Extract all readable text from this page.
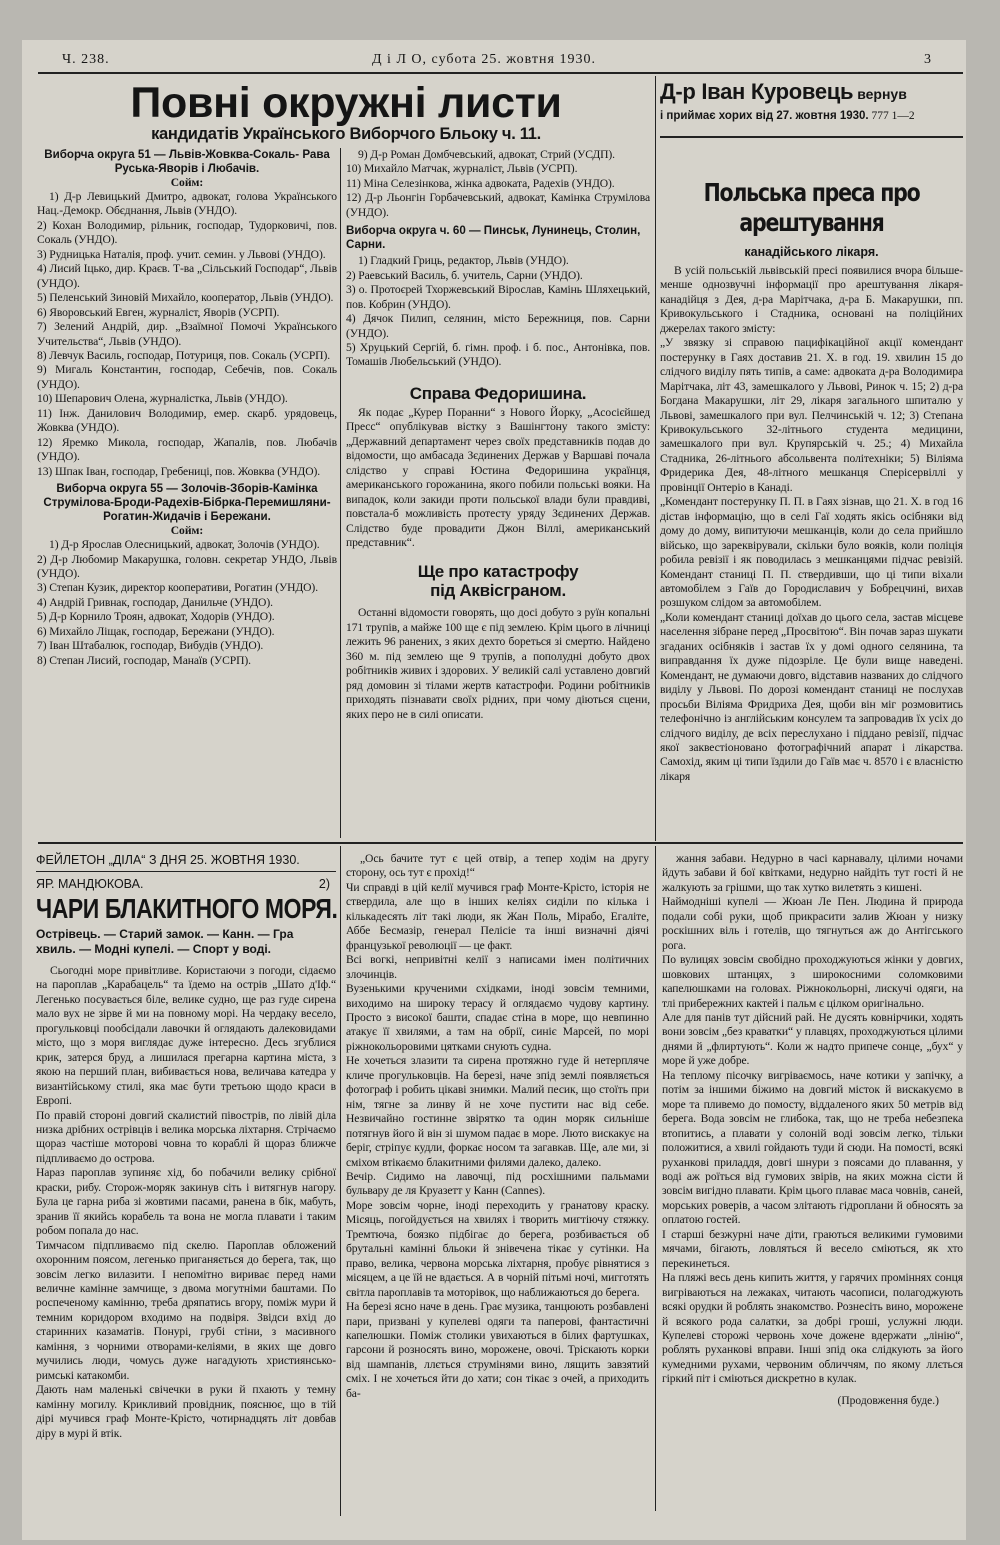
Ч. 238.	Д і Л О, субота 25. жовтня 1930.	3
Повні окружні листи
кандидатів Українського Виборчого Бльоку ч. 11.
Виборча округа 51 — Львів-Жовква-Сокаль- Рава Руська-Яворів і Любачів.
Сойм:
1) Д-р Левицький Дмитро, адвокат, голова Українського Нац.-Демокр. Обєднання, Львів (УНДО).
2) Кохан Володимир, рільник, господар, Тудорковичі, пов. Сокаль (УНДО).
3) Рудницька Наталія, проф. учит. семин. у Львові (УНДО).
4) Лисий Іцько, дир. Краєв. Т-ва „Сільський Господар“, Львів (УНДО).
5) Пеленський Зиновій Михайло, кооператор, Львів (УНДО).
6) Яворовський Евген, журналіст, Яворів (УСРП).
7) Зелений Андрій, дир. „Взаїмної Помочі Українського Учительства“, Львів (УНДО).
8) Левчук Василь, господар, Потуриця, пов. Сокаль (УСРП).
9) Мигаль Константин, господар, Себечів, пов. Сокаль (УНДО).
10) Шепарович Олена, журналістка, Львів (УНДО).
11) Інж. Данилович Володимир, емер. скарб. урядовець, Жовква (УНДО).
12) Яремко Микола, господар, Жапалів, пов. Любачів (УНДО).
13) Шпак Іван, господар, Гребениці, пов. Жовква (УНДО).
Виборча округа 55 — Золочів-Зборів-Камінка Струмілова-Броди-Радехів-Бібрка-Перемишляни-Рогатин-Жидачів і Бережани.
Сойм:
1) Д-р Ярослав Олесницький, адвокат, Золочів (УНДО).
2) Д-р Любомир Макарушка, головн. секретар УНДО, Львів (УНДО).
3) Степан Кузик, директор кооперативи, Рогатин (УНДО).
4) Андрій Гривнак, господар, Данильче (УНДО).
5) Д-р Корнило Троян, адвокат, Ходорів (УНДО).
6) Михайло Ліщак, господар, Бережани (УНДО).
7) Іван Штабалюк, господар, Вибудів (УНДО).
8) Степан Лисий, господар, Манаїв (УСРП).
9) Д-р Роман Домбчевський, адвокат, Стрий (УСДП).
10) Михайло Матчак, журналіст, Львів (УСРП).
11) Міна Селезінкова, жінка адвоката, Радехів (УНДО).
12) Д-р Льонгін Горбачевський, адвокат, Камінка Струмілова (УНДО).
Виборча округа ч. 60 — Пинськ, Лунинець, Столин, Сарни.
1) Гладкий Гриць, редактор, Львів (УНДО).
2) Раевський Василь, б. учитель, Сарни (УНДО).
3) о. Протоєрей Тхоржевський Вірослав, Камінь Шляхецький, пов. Кобрин (УНДО).
4) Дячок Пилип, селянин, місто Бережниця, пов. Сарни (УНДО).
5) Хруцький Сергій, б. гімн. проф. і б. пос., Антонівка, пов. Томашів Любельський (УНДО).
Справа Федоришина.
Як подає „Курер Поранни“ з Нового Йорку, „Асосієйшед Пресс“ опублікував вістку з Вашінгтону такого змісту: „Державний департамент через своїх представників подав до відомости, що амбасада Зєдинених Держав у Варшаві почала слідство у справі Юстина Федоришина українця, американського горожанина, якого побили польські вояки. На випадок, коли закиди проти польської влади були правдиві, повстала-б можливість протесту уряду Зєдинених Держав. Слідство буде провадити Джон Віллі, американський представник“.
Ще про катастрофу
під Аквісграном.
Останні відомости говорять, що досі добуто з руїн копальні 171 трупів, а майже 100 ще є під землею. Крім цього в лічниці лежить 96 ранених, з яких дехто бореться зі смертю. Найдено 360 м. під землею ще 9 трупів, а пополудні добуто двох робітників живих і здорових. У великій салі уставлено довгий ряд домовин зі тілами жертв катастрофи. Родини робітників приходять пізнавати своїх рідних, при чому діються сцени, яких перо не в силі описати.
Д-р Іван Куровець вернув
і приймає хорих від 27. жовтня 1930. 777 1—2
Польська преса про арештування
канадійського лікаря.
В усій польській львівській пресі появилися вчора більше-менше однозвучні інформації про арештування лікаря-канадійця з Дея, д-ра Марітчака, д-ра Б. Макарушки, пп. Кривокульського і Стадника, основані на поліційних джерелах такого змісту:
„У звязку зі справою пацифікаційної акції комендант постерунку в Гаях доставив 21. Х. в год. 19. хвилин 15 до слідчого виділу пять типів, а саме: адвоката д-ра Володимира Марітчака, літ 43, замешкалого у Львові, Ринок ч. 15; 2) д-ра Богдана Макарушки, літ 29, лікаря загального шпиталю у Львові, замешкалого при вул. Пелчинській ч. 12; 3) Степана Кривокульського 32-літнього студента медицини, замешкалого при вул. Крупярській ч. 25.; 4) Михайла Стадника, 26-літнього абсольвента політехніки; 5) Віліяма Фридерика Дея, 48-літного мешканця Сперісервіллі у провінції Онтеріо в Канаді.
„Комендант постерунку П. П. в Гаях зізнав, що 21. Х. в год 16 дістав інформацію, що в селі Гаї ходять якісь осібняки від дому до дому, випитуючи мешканців, коли до села прийшло військо, що зареквірували, скільки було вояків, коли поліція робила ревізії і як поводилась з мешканцями підчас ревізій. Комендант станиці П. П. ствердивши, що ці типи віхали автомобілем з Гаїв до Городиславич у Бобрецчині, вихав розшуком слідом за автомобілем.
„Коли комендант станиці доїхав до цього села, застав місцеве населення зібране перед „Просвітою“. Він почав зараз шукати згаданих осібняків і застав їх у домі одного селянина, та виправдання їх дуже підозріле. Це були вище наведені. Комендант, не думаючи довго, відставив названих до слідчого виділу у Львові. По дорозі комендант станиці не послухав просьби Віліяма Фридриха Дея, щоби він міг розмовитись телефонічно із англійським консулем та запровадив їх усіх до слідчого виділу, де всіх переслухано і піддано ревізії, підчас якої заквестіоновано фотографічний апарат і лікарства. Самохід, яким ці типи їздили до Гаїв має ч. 8570 і є власністю лікаря
ФЕЙЛЕТОН „ДІЛА“ З ДНЯ 25. ЖОВТНЯ 1930.
ЯР. МАНДЮКОВА.	2)
ЧАРИ БЛАКИТНОГО МОРЯ.
Острівець. — Старий замок. — Канн. — Гра хвиль. — Модні купелі. — Спорт у воді.
Сьогодні море привітливе. Користаючи з погоди, сідаємо на пароплав „Карабацель“ та їдемо на острів „Шато д'Іф.“ Легенько посувається біле, велике судно, ще раз гуде сирена мало вух не зірве й ми на повному морі. На чердаку весело, прогульковці пообсідали лавочки й оглядають далековидами місто, що з моря виглядає дуже інтересно. Десь згублися крик, затерся бруд, а лишилася прегарна картина міста, з якою на перший план, вибивається нова, величава катедра у византійському стилі, яка має бути третьою щодо краси в Европі.
По правій стороні довгий скалистий півострів, по лівій діла низка дрібних острівців і велика морська ліхтарня. Стрічаємо щораз частіше моторові човна то кораблі й щораз ближче підпливаємо до острова.
Нараз пароплав зупиняє хід, бо побачили велику срібної краски, рибу. Сторож-моряк закинув сіть і витягнув нагору. Була це гарна риба зі жовтими пасами, ранена в бік, мабуть, зранив її якийсь корабель та вона не могла плавати і таким робом попала до нас.
Тимчасом підпливаємо під скелю. Пароплав обложений охоронним поясом, легенько приганяється до берега, так, що зовсім легко вилазити. І непомітно вириває перед нами величне камінне замчище, з двома могутніми баштами. По роспеченому камінню, треба дряпатись вгору, поміж мури й темним коридором входимо на подвіря. Звідси вхід до старинних казаматів. Понурі, грубі стіни, з масивного каміння, з чорними отворами-келіями, в яких ще довго мучились люди, чомусь дуже нагадують християнсько-римські катакомби.
Дають нам маленькі свічечки в руки й пхають у темну камінну могилу. Крикливий провідник, пояснює, що в тій дірі мучився граф Монте-Крісто, чотирнадцять літ довбав діру в мурі й втік.
„Ось бачите тут є цей отвір, а тепер ходім на другу сторону, ось тут є прохід!“
Чи справді в цій келії мучився граф Монте-Крісто, історія не ствердила, але що в інших келіях сиділи по кілька і кількадесять літ такі люди, як Жан Поль, Мірабо, Егаліте, Аббе Бесмазір, генерал Пелісіе та інші визначні діячі французької революції — це факт.
Всі вогкі, непривітні келії з написами імен політичних злочинців.
Вузенькими крученими східками, іноді зовсім темними, виходимо на широку терасу й оглядаємо чудову картину. Просто з високої башти, спадає стіна в море, що невпинно атакує її хвилями, а там на обрії, синіє Марсей, по морі ріжнокольоровими цятками снують судна.
Не хочеться злазити та сирена протяжно гуде й нетерпляче кличе прогульковців. На березі, наче зпід землі появляється фотограф і робить цікаві знимки. Малий песик, що стоїть при нім, тягне за линву й не хоче пустити нас від себе. Незвичайно гостинне звірятко та один моряк сильніше потягнув його й він зі шумом падає в море. Люто вискакує на беріг, стріпує кудли, форкає носом та загавкав. Ще, але ми, зі сміхом втікаємо блакитними филями далеко, далеко.
Вечір. Сидимо на лавочці, під росхішними пальмами бульвару де ля Круазетт у Канн (Cannes).
Море зовсім чорне, іноді переходить у гранатову краску. Місяць, погойдується на хвилях і творить мигтіючу стяжку. Тремтюча, боязко підбігає до берега, розбивається об брутальні камінні бльоки й знівечена тікає у сутінки. На право, велика, червона морська ліхтарня, пробує рівнятися з місяцем, а це їй не вдається. А в чорній пітьмі ночі, мигготять світла пароплавів та моторівок, що наближаються до берега.
На березі ясно наче в день. Грає музика, танцюють розбавлені пари, призвані у купелеві одяги та паперові, фантастичні капелюшки. Поміж столики увихаються в білих фартушках, гарсони й розносять вино, морожене, овочі. Тріскають корки від шампанів, ллється струмінями вино, лящить завзятий сміх. І не хочеться йти до хати; сон тікає з очей, а приходить ба-
жання забави. Недурно в часі карнавалу, цілими ночами йдуть забави й бої квітками, недурно найдіть тут гості й не жалкують за грішми, що так хутко вилетять з кишені.
Наймодніші купелі — Жюан Ле Пен. Людина й природа подали собі руки, щоб прикрасити залив Жюан у низку роскішних віль і готелів, що тягнуться аж до Антігського рога.
По вулицях зовсім свобідно проходжуються жінки у довгих, шовкових штанцях, з широкосними соломковими капелюшками на головах. Ріжнокольорні, лискучі одяги, на тлі прибережних кактей і пальм є цілком оригінально.
Але для панів тут дійсний рай. Не дусять ковнірчики, ходять вони зовсім „без краватки“ у плавцях, проходжуються цілими днями й „флиртують“. Коли ж надто припече сонце, „бух“ у море й уже добре.
На теплому пісочку вигріваємось, наче котики у запічку, а потім за іншими біжимо на довгий місток й вискакуємо в море та пливемо до помосту, віддаленого яких 50 метрів від берега. Вода зовсім не глибока, так, що не треба небезпека втопитись, а плавати у солоній воді зовсім легко, тільки положитися, а хвилі гойдають туди й сюди. На помості, всякі руханкові приладдя, довгі шнури з поясами до плавання, у воді аж роїться від гумових звірів, на яких можна сісти й зовсім вигідно плавати. Крім цього плаває маса човнів, саней, морських роверів, а часом злітають гідроплани й обносять за оплатою гостей.
І старші безжурні наче діти, граються великими гумовими мячами, бігають, ловляться й весело сміються, як хто перекинеться.
На пляжі весь день кипить життя, у гарячих проміннях сонця вигріваються на лежаках, читають часописи, полагоджують всякі орудки й роблять знакомство. Рознесіть вино, морожене й всякого рода салатки, за добрі гроші, услужні люди. Купелеві сторожі червонь хоче дожене вдержати „лінію“, роблять руханкові вправи. Інші зпід ока слідкують за його кумедними рухами, червоним обличчям, по якому ллється гіркий піт і сміються дискретно в кулак.
(Продовження буде.)
